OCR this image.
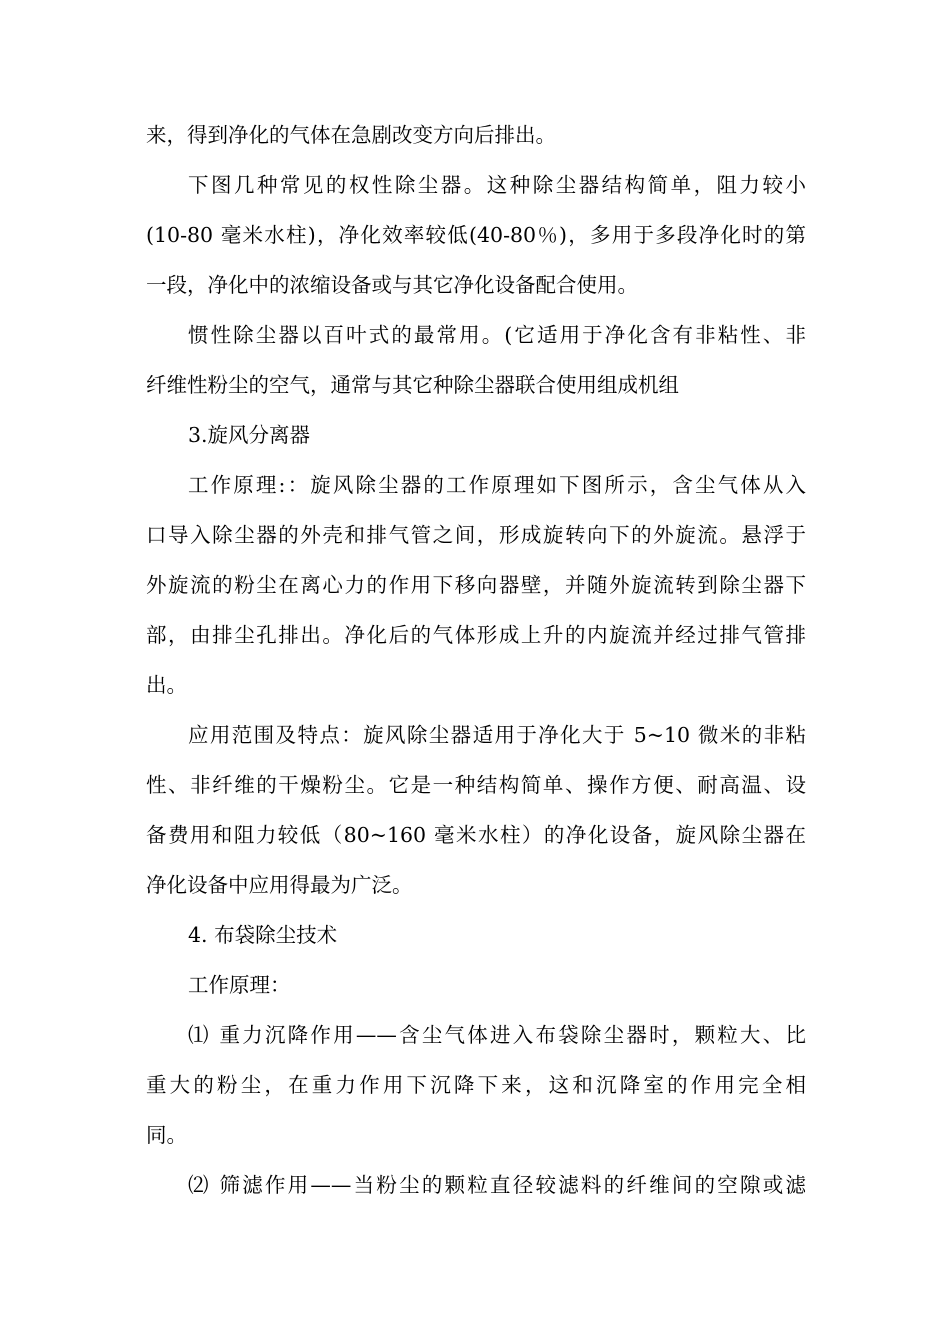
来，得到净化的气体在急剧改变方向后排出。
下图几种常见的权性除尘器。这种除尘器结构简单，阻力较小
(10-80 毫米水柱)，净化效率较低(40-80％)，多用于多段净化时的第
一段，净化中的浓缩设备或与其它净化设备配合使用。
惯性除尘器以百叶式的最常用。(它适用于净化含有非粘性、非
纤维性粉尘的空气，通常与其它种除尘器联合使用组成机组
3.旋风分离器
工作原理:：旋风除尘器的工作原理如下图所示，含尘气体从入
口导入除尘器的外壳和排气管之间，形成旋转向下的外旋流。悬浮于
外旋流的粉尘在离心力的作用下移向器壁，并随外旋流转到除尘器下
部，由排尘孔排出。净化后的气体形成上升的内旋流并经过排气管排
出。
应用范围及特点：旋风除尘器适用于净化大于 5~10 微米的非粘
性、非纤维的干燥粉尘。它是一种结构简单、操作方便、耐高温、设
备费用和阻力较低（80~160 毫米水柱）的净化设备，旋风除尘器在
净化设备中应用得最为广泛。
4. 布袋除尘技术
工作原理：
⑴ 重力沉降作用——含尘气体进入布袋除尘器时，颗粒大、比
重大的粉尘，在重力作用下沉降下来，这和沉降室的作用完全相
同。
⑵ 筛滤作用——当粉尘的颗粒直径较滤料的纤维间的空隙或滤
